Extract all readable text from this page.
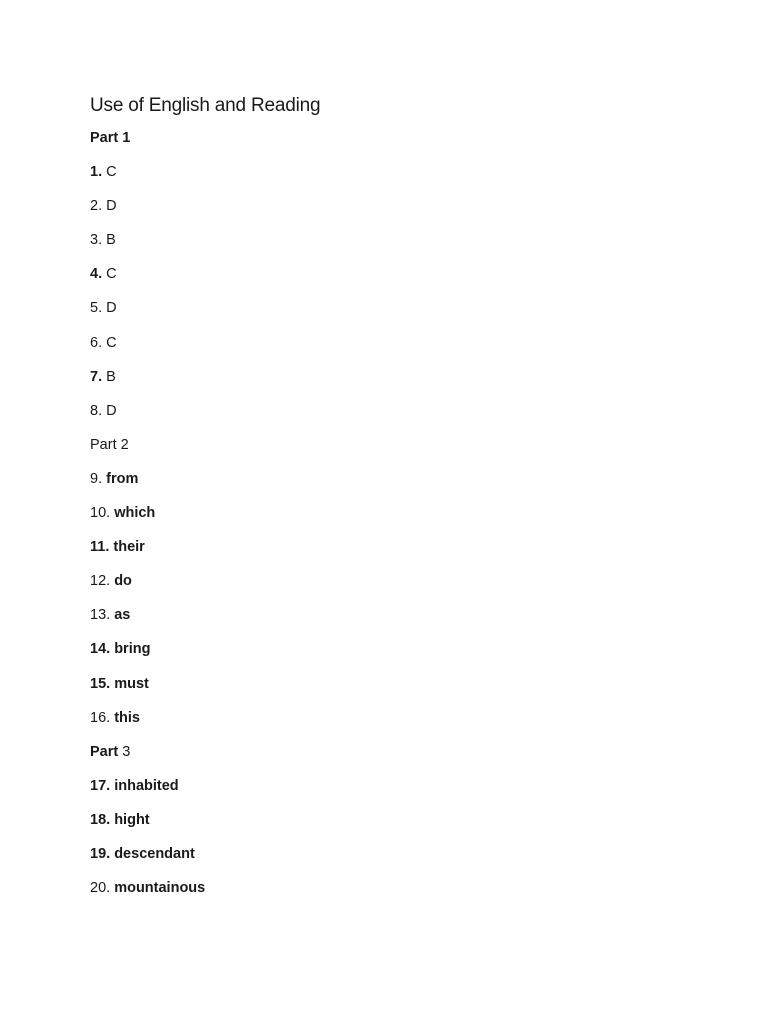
Use of English and Reading
Part 1
1. C
2. D
3. B
4. C
5. D
6. C
7. B
8. D
Part 2
9. from
10. which
11. their
12. do
13. as
14. bring
15. must
16. this
Part 3
17. inhabited
18. hight
19. descendant
20. mountainous
